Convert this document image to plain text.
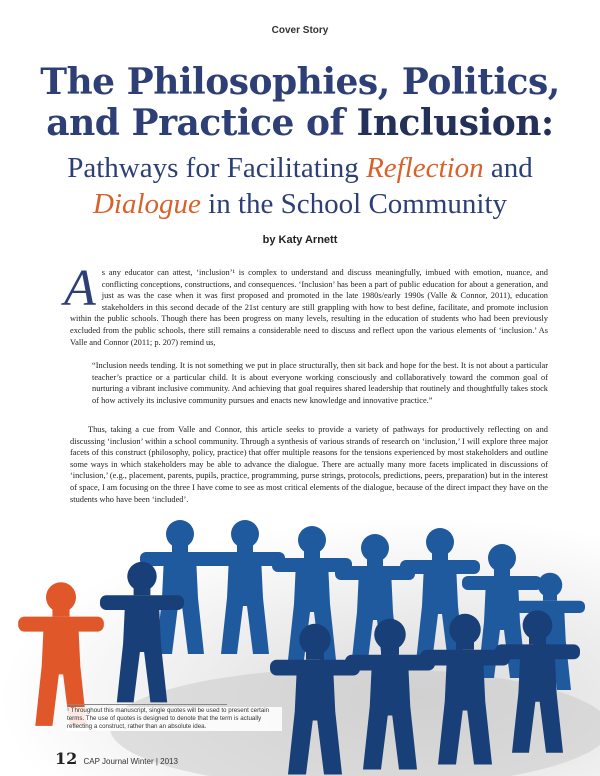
Cover Story
The Philosophies, Politics,
and Practice of Inclusion:
Pathways for Facilitating Reflection and
Dialogue in the School Community
by Katy Arnett
As any educator can attest, ‘inclusion’¹ is complex to understand and discuss meaningfully, imbued with emotion, nuance, and conflicting conceptions, constructions, and consequences. ‘Inclusion’ has been a part of public education for about a generation, and just as was the case when it was first proposed and promoted in the late 1980s/early 1990s (Valle & Connor, 2011), education stakeholders in this second decade of the 21st century are still grappling with how to best define, facilitate, and promote inclusion within the public schools. Though there has been progress on many levels, resulting in the education of students who had been previously excluded from the public schools, there still remains a considerable need to discuss and reflect upon the various elements of ‘inclusion.’ As Valle and Connor (2011; p. 207) remind us,
“Inclusion needs tending. It is not something we put in place structurally, then sit back and hope for the best. It is not about a particular teacher’s practice or a particular child. It is about everyone working consciously and collaboratively toward the common goal of nurturing a vibrant inclusive community. And achieving that goal requires shared leadership that routinely and thoughtfully takes stock of how actively its inclusive community pursues and enacts new knowledge and innovative practice.”
Thus, taking a cue from Valle and Connor, this article seeks to provide a variety of pathways for productively reflecting on and discussing ‘inclusion’ within a school community. Through a synthesis of various strands of research on ‘inclusion,’ I will explore three major facets of this construct (philosophy, policy, practice) that offer multiple reasons for the tensions experienced by most stakeholders and outline some ways in which stakeholders may be able to advance the dialogue. There are actually many more facets implicated in discussions of ‘inclusion,’ (e.g., placement, parents, pupils, practice, programming, purse strings, protocols, predictions, peers, preparation) but in the interest of space, I am focusing on the three I have come to see as most critical elements of the dialogue, because of the direct impact they have on the students who have been ‘included’.
¹ Throughout this manuscript, single quotes will be used to present certain terms. The use of quotes is designed to denote that the term is actually reflecting a construct, rather than an absolute idea.
12 CAP Journal Winter | 2013
